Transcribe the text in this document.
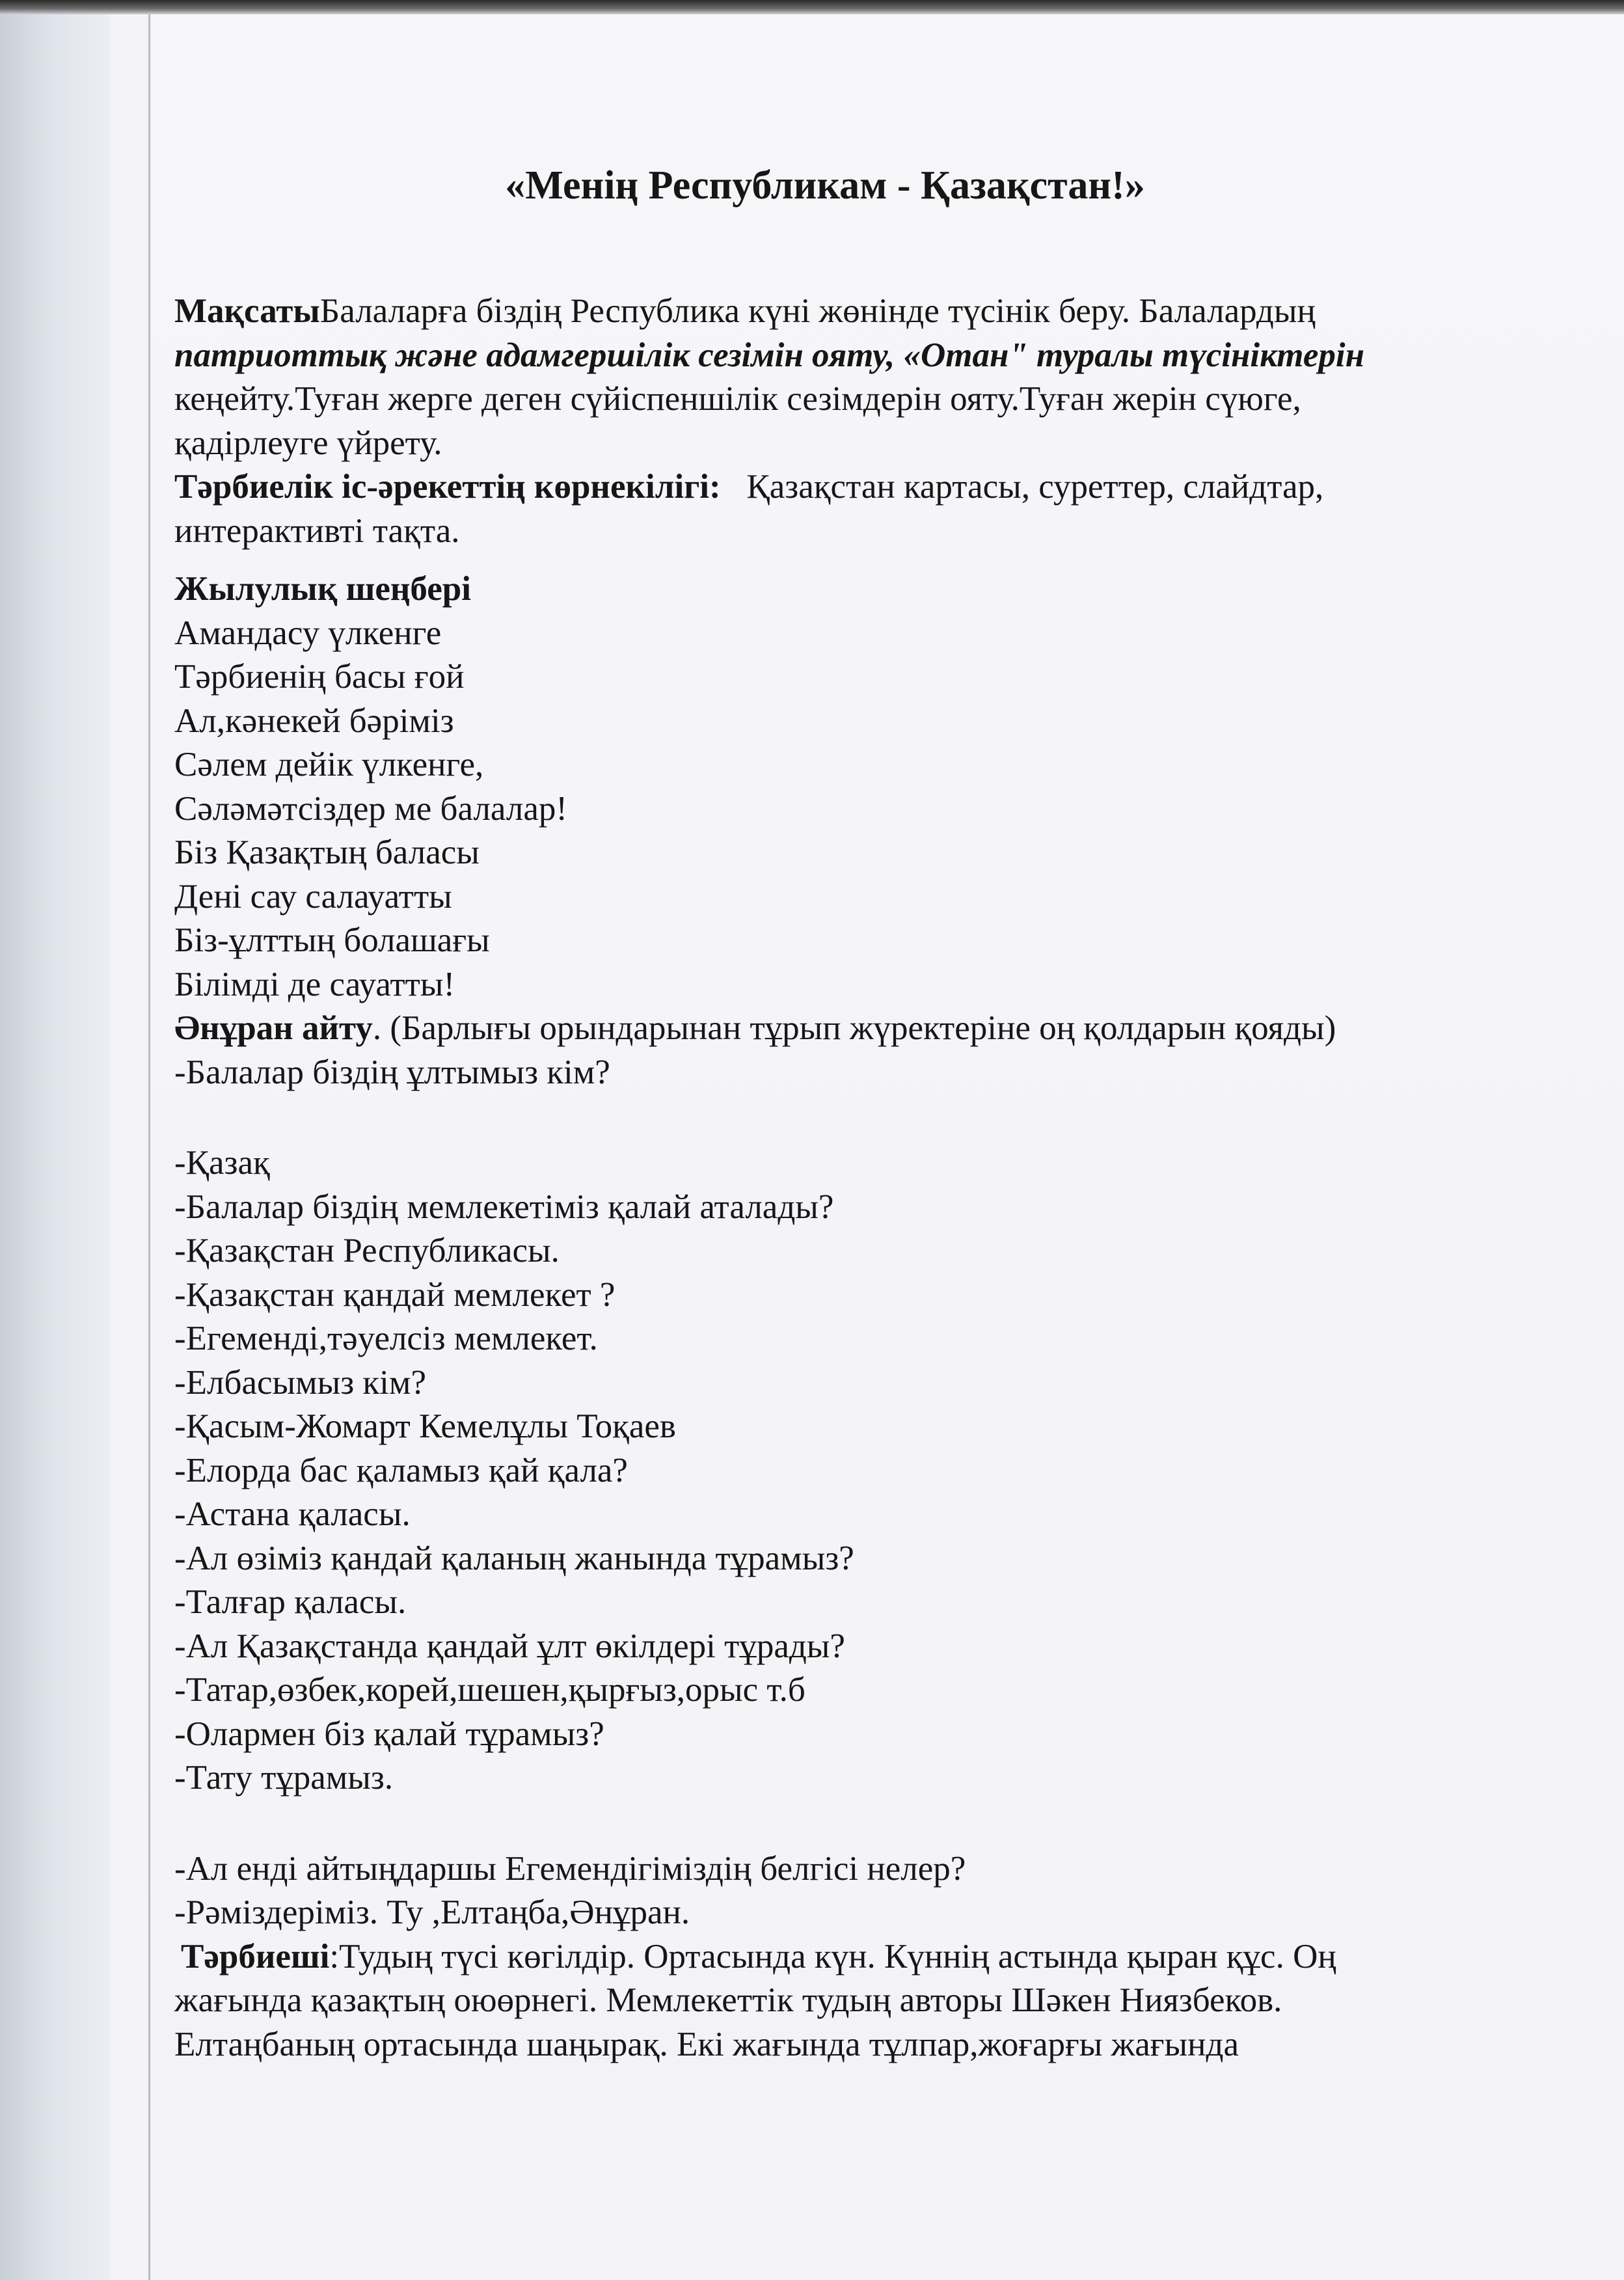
«Менің Республикам - Қазақстан!»

МақсатыБалаларға біздің Республика күні жөнінде түсінік беру. Балалардың

патриоттық және адамгершілік сезімін ояту, «Отан" туралы түсініктерін

кеңейту.Туған жерге деген сүйіспеншілік сезімдерін ояту.Туған жерін сүюге,

қадірлеуге үйрету.

Тәрбиелік іс-әрекеттің көрнекілігі: Қазақстан картасы, суреттер, слайдтар,

интерактивті тақта.

Жылулық шеңбері

Амандасу үлкенге

Тәрбиенің басы ғой

Ал,кәнекей бәріміз

Сәлем дейік үлкенге,

Сәләмәтсіздер ме балалар!

Біз Қазақтың баласы

Дені сау салауатты

Біз-ұлттың болашағы

Білімді де сауатты!

Әнұран айту. (Барлығы орындарынан тұрып жүректеріне оң қолдарын қояды)

-Балалар біздің ұлтымыз кім?

-Қазақ

-Балалар біздің мемлекетіміз қалай аталады?

-Қазақстан Республикасы.

-Қазақстан қандай мемлекет ?

-Егеменді,тәуелсіз мемлекет.

-Елбасымыз кім?

-Қасым-Жомарт Кемелұлы Тоқаев

-Елорда бас қаламыз қай қала?

-Астана қаласы.

-Ал өзіміз қандай қаланың жанында тұрамыз?

-Талғар қаласы.

-Ал Қазақстанда қандай ұлт өкілдері тұрады?

-Татар,өзбек,корей,шешен,қырғыз,орыс т.б

-Олармен біз қалай тұрамыз?

-Тату тұрамыз.

-Ал енді айтыңдаршы Егемендігіміздің белгісі нелер?

-Рәміздеріміз. Ту ,Елтаңба,Әнұран.

Тәрбиеші:Тудың түсі көгілдір. Ортасында күн. Күннің астында қыран құс. Оң

жағында қазақтың оюөрнегі. Мемлекеттік тудың авторы Шәкен Ниязбеков.

Елтаңбаның ортасында шаңырақ. Екі жағында тұлпар,жоғарғы жағында
